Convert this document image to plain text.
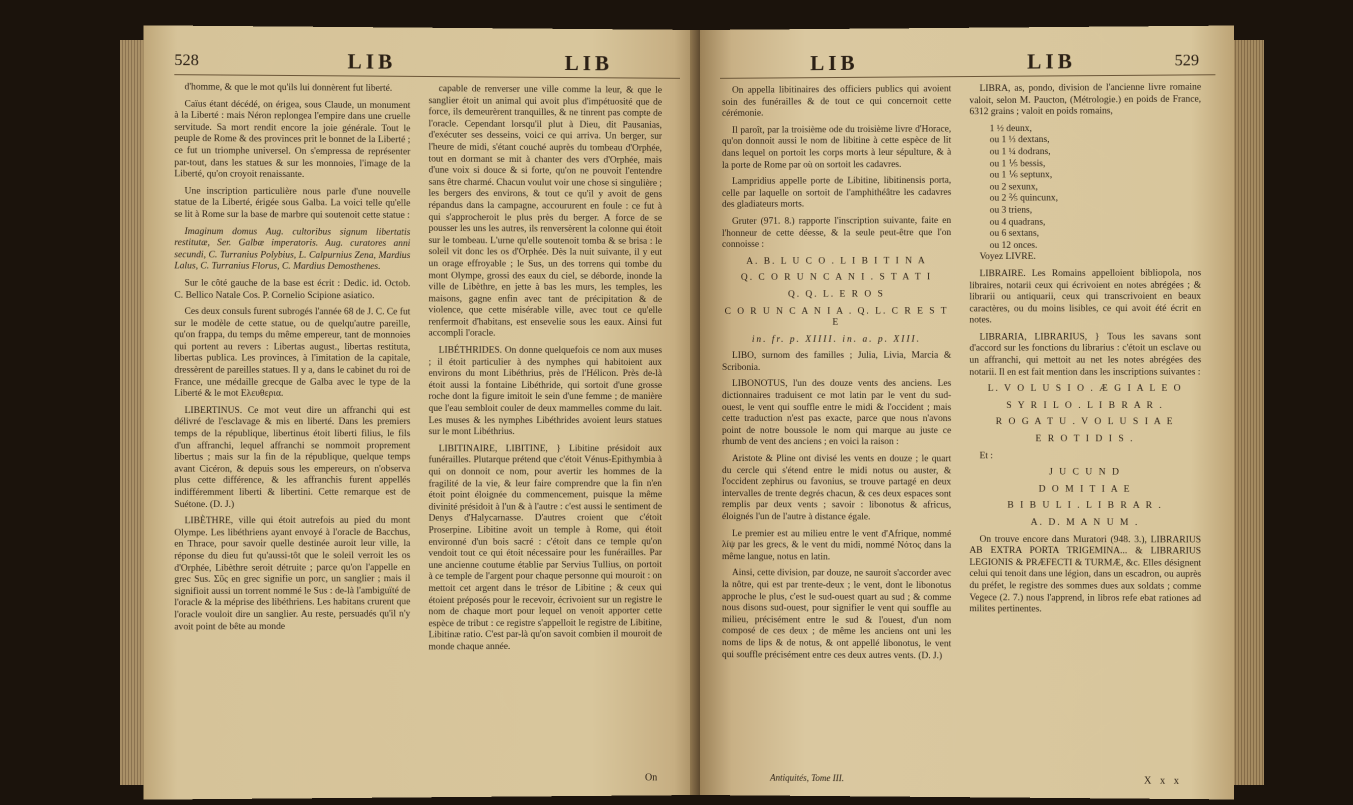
528	LIB	LIB

d'homme, & que le mot qu'ils lui donnèrent fut liberté.

Caïus étant décédé, on érigea, sous Claude, un monument à la Liberté : mais Néron replongea l'empire dans une cruelle servitude. Sa mort rendit encore la joie générale. Tout le peuple de Rome & des provinces prit le bonnet de la Liberté ; ce fut un triomphe universel. On s'empressa de représenter par-tout, dans les statues & sur les monnoies, l'image de la Liberté, qu'on croyoit renaissante.

Une inscription particulière nous parle d'une nouvelle statue de la Liberté, érigée sous Galba. La voici telle qu'elle se lit à Rome sur la base de marbre qui soutenoit cette statue :

Imaginum domus Aug. cultoribus signum libertatis restitutæ, Ser. Galbæ imperatoris. Aug. curatores anni secundi, C. Turranius Polybius, L. Calpurnius Zena, Mardius Lalus, C. Turranius Florus, C. Mardius Demosthenes.

Sur le côté gauche de la base est écrit : Dedic. id. Octob. C. Bellico Natale Cos. P. Cornelio Scipione asiatico.

Ces deux consuls furent subrogés l'année 68 de J. C. Ce fut sur le modèle de cette statue, ou de quelqu'autre pareille, qu'on frappa, du temps du même empereur, tant de monnoies qui portent au revers : Libertas august., libertas restituta, libertas publica. Les provinces, à l'imitation de la capitale, dressèrent de pareilles statues. Il y a, dans le cabinet du roi de France, une médaille grecque de Galba avec le type de la Liberté & le mot Ελευθερια.

LIBERTINUS. Ce mot veut dire un affranchi qui est délivré de l'esclavage & mis en liberté. Dans les premiers temps de la république, libertinus étoit liberti filius, le fils d'un affranchi, lequel affranchi se nommoit proprement libertus ; mais sur la fin de la république, quelque temps avant Cicéron, & depuis sous les empereurs, on n'observa plus cette différence, & les affranchis furent appellés indifféremment liberti & libertini. Cette remarque est de Suétone. (D. J.)

LIBÈTHRE, ville qui étoit autrefois au pied du mont Olympe. Les libéthriens ayant envoyé à l'oracle de Bacchus, en Thrace, pour savoir quelle destinée auroit leur ville, la réponse du dieu fut qu'aussi-tôt que le soleil verroit les os d'Orphée, Libèthre seroit détruite ; parce qu'on l'appelle en grec Sus. Σῦς en grec signifie un porc, un sanglier ; mais il signifioit aussi un torrent nommé le Sus : de-là l'ambiguïté de l'oracle & la méprise des libéthriens. Les habitans crurent que l'oracle vouloit dire un sanglier. Au reste, persuadés qu'il n'y avoit point de bête au monde

capable de renverser une ville comme la leur, & que le sanglier étoit un animal qui avoit plus d'impétuosité que de force, ils demeurèrent tranquilles, & ne tinrent pas compte de l'oracle. Cependant lorsqu'il plut à Dieu, dit Pausanias, d'exécuter ses desseins, voici ce qui arriva. Un berger, sur l'heure de midi, s'étant couché auprès du tombeau d'Orphée, tout en dormant se mit à chanter des vers d'Orphée, mais d'une voix si douce & si forte, qu'on ne pouvoit l'entendre sans être charmé. Chacun voulut voir une chose si singulière ; les bergers des environs, & tout ce qu'il y avoit de gens répandus dans la campagne, accoururent en foule : ce fut à qui s'approcheroit le plus près du berger. A force de se pousser les uns les autres, ils renversèrent la colonne qui étoit sur le tombeau. L'urne qu'elle soutenoit tomba & se brisa : le soleil vit donc les os d'Orphée. Dès la nuit suivante, il y eut un orage effroyable ; le Sus, un des torrens qui tombe du mont Olympe, grossi des eaux du ciel, se déborde, inonde la ville de Libèthre, en jette à bas les murs, les temples, les maisons, gagne enfin avec tant de précipitation & de violence, que cette misérable ville, avec tout ce qu'elle renfermoit d'habitans, est ensevelie sous les eaux. Ainsi fut accompli l'oracle.

LIBÉTHRIDES. On donne quelquefois ce nom aux muses ; il étoit particulier à des nymphes qui habitoient aux environs du mont Libéthrius, près de l'Hélicon. Près de-là étoit aussi la fontaine Libéthride, qui sortoit d'une grosse roche dont la figure imitoit le sein d'une femme ; de manière que l'eau sembloit couler de deux mammelles comme du lait. Les muses & les nymphes Libéthrides avoient leurs statues sur le mont Libéthrius.

LIBITINAIRE, LIBITINE, } Libitine présidoit aux funérailles. Plutarque prétend que c'étoit Vénus-Epithymbia à qui on donnoit ce nom, pour avertir les hommes de la fragilité de la vie, & leur faire comprendre que la fin n'en étoit point éloignée du commencement, puisque la même divinité présidoit à l'un & à l'autre : c'est aussi le sentiment de Denys d'Halycarnasse. D'autres croient que c'étoit Proserpine. Libitine avoit un temple à Rome, qui étoit environné d'un bois sacré : c'étoit dans ce temple qu'on vendoit tout ce qui étoit nécessaire pour les funérailles. Par une ancienne coutume établie par Servius Tullius, on portoit à ce temple de l'argent pour chaque personne qui mouroit : on mettoit cet argent dans le trésor de Libitine ; & ceux qui étoient préposés pour le recevoir, écrivoient sur un registre le nom de chaque mort pour lequel on venoit apporter cette espèce de tribut : ce registre s'appelloit le registre de Libitine, Libitinæ ratio. C'est par-là qu'on savoit combien il mouroit de monde chaque année.

On
LIB	LIB	529

On appella libitinaires des officiers publics qui avoient soin des funérailles & de tout ce qui concernoit cette cérémonie.

Il paroît, par la troisième ode du troisième livre d'Horace, qu'on donnoit aussi le nom de libitine à cette espèce de lit dans lequel on portoit les corps morts à leur sépulture, & à la porte de Rome par où on sortoit les cadavres.

Lampridius appelle porte de Libitine, libitinensis porta, celle par laquelle on sortoit de l'amphithéâtre les cadavres des gladiateurs morts.

Gruter (971. 8.) rapporte l'inscription suivante, faite en l'honneur de cette déesse, & la seule peut-être que l'on connoisse :

A. B. L U C O . L I B I T I N A

Q. C O R U N C A N I . S T A T I

Q. Q. L. E R O S

C O R U N C A N I A . Q. L. C R E S T E

in. fr. p. XIIII. in. a. p. XIII.

LIBO, surnom des familles ; Julia, Livia, Marcia & Scribonia.

LIBONOTUS, l'un des douze vents des anciens. Les dictionnaires traduisent ce mot latin par le vent du sud-ouest, le vent qui souffle entre le midi & l'occident ; mais cette traduction n'est pas exacte, parce que nous n'avons point de notre boussole le nom qui marque au juste ce rhumb de vent des anciens ; en voici la raison :

Aristote & Pline ont divisé les vents en douze ; le quart du cercle qui s'étend entre le midi notus ou auster, & l'occident zephirus ou favonius, se trouve partagé en deux intervalles de trente degrés chacun, & ces deux espaces sont remplis par deux vents ; savoir : libonotus & africus, éloignés l'un de l'autre à distance égale.

Le premier est au milieu entre le vent d'Afrique, nommé λίψ par les grecs, & le vent du midi, nommé Νότος dans la même langue, notus en latin.

Ainsi, cette division, par douze, ne sauroit s'accorder avec la nôtre, qui est par trente-deux ; le vent, dont le libonotus approche le plus, c'est le sud-ouest quart au sud ; & comme nous disons sud-ouest, pour signifier le vent qui souffle au milieu, précisément entre le sud & l'ouest, d'un nom composé de ces deux ; de même les anciens ont uni les noms de lips & de notus, & ont appellé libonotus, le vent qui souffle précisément entre ces deux autres vents. (D. J.)

LIBRA, as, pondo, division de l'ancienne livre romaine valoit, selon M. Paucton, (Métrologie.) en poids de France, 6312 grains ; valoit en poids romains,

1 ½ deunx,
ou 1 ⅓ dextans,
ou 1 ¼ dodrans,
ou 1 ⅕ bessis,
ou 1 ⅙ septunx,
ou 2 sexunx,
ou 2 ⅖ quincunx,
ou 3 triens,
ou 4 quadrans,
ou 6 sextans,
ou 12 onces.

Voyez LIVRE.

LIBRAIRE. Les Romains appelloient bibliopola, nos libraires, notarii ceux qui écrivoient en notes abrégées ; & librarii ou antiquarii, ceux qui transcrivoient en beaux caractères, ou du moins lisibles, ce qui avoit été écrit en notes.

LIBRARIA, LIBRARIUS, } Tous les savans sont d'accord sur les fonctions du librarius : c'étoit un esclave ou un affranchi, qui mettoit au net les notes abrégées des notarii. Il en est fait mention dans les inscriptions suivantes :

L. V O L U S I O . Æ G I A L E O

S Y R I L O . L I B R A R .

R O G A T U . V O L U S I A E

E R O T I D I S .

Et :

J U C U N D

D O M I T I A E

B I B U L I . L I B R A R .

A. D. M A N U M .

On trouve encore dans Muratori (948. 3.), LIBRARIUS AB EXTRA PORTA TRIGEMINA... & LIBRARIUS LEGIONIS & PRÆFECTI & TURMÆ, &c. Elles désignent celui qui tenoit dans une légion, dans un escadron, ou auprès du préfet, le registre des sommes dues aux soldats ; comme Vegece (2. 7.) nous l'apprend, in libros refe ebat rationes ad milites pertinentes.

Antiquités, Tome III.	X x x
